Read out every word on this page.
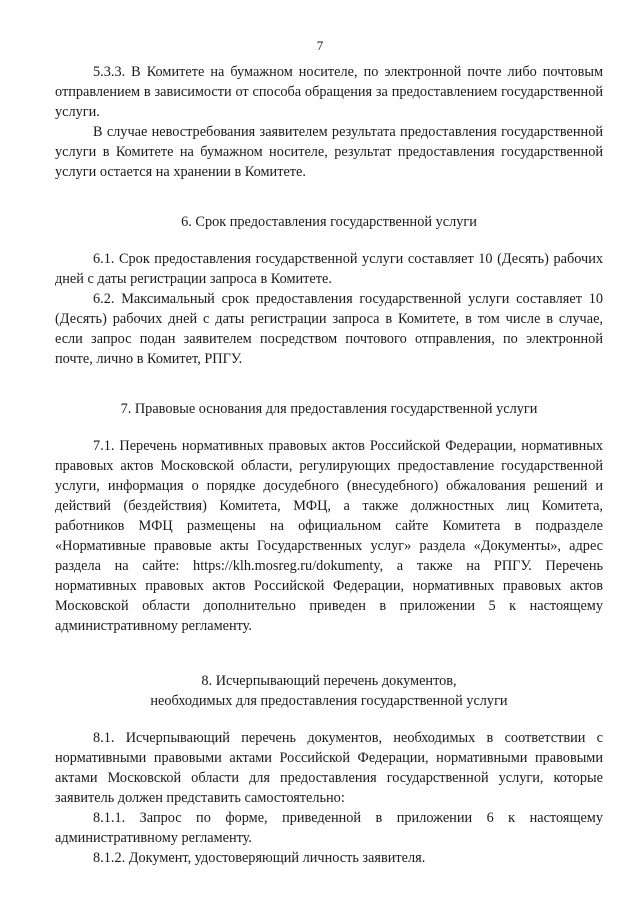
7

5.3.3. В Комитете на бумажном носителе, по электронной почте либо почтовым отправлением в зависимости от способа обращения за предоставлением государственной услуги.

В случае невостребования заявителем результата предоставления государственной услуги в Комитете на бумажном носителе, результат предоставления государственной услуги остается на хранении в Комитете.

6. Срок предоставления государственной услуги

6.1. Срок предоставления государственной услуги составляет 10 (Десять) рабочих дней с даты регистрации запроса в Комитете.

6.2. Максимальный срок предоставления государственной услуги составляет 10 (Десять) рабочих дней с даты регистрации запроса в Комитете, в том числе в случае, если запрос подан заявителем посредством почтового отправления, по электронной почте, лично в Комитет, РПГУ.

7. Правовые основания для предоставления государственной услуги

7.1. Перечень нормативных правовых актов Российской Федерации, нормативных правовых актов Московской области, регулирующих предоставление государственной услуги, информация о порядке досудебного (внесудебного) обжалования решений и действий (бездействия) Комитета, МФЦ, а также должностных лиц Комитета, работников МФЦ размещены на официальном сайте Комитета в подразделе «Нормативные правовые акты Государственных услуг» раздела «Документы», адрес раздела на сайте: https://klh.mosreg.ru/dokumenty, а также на РПГУ. Перечень нормативных правовых актов Российской Федерации, нормативных правовых актов Московской области дополнительно приведен в приложении 5 к настоящему административному регламенту.

8. Исчерпывающий перечень документов,

необходимых для предоставления государственной услуги

8.1. Исчерпывающий перечень документов, необходимых в соответствии с нормативными правовыми актами Российской Федерации, нормативными правовыми актами Московской области для предоставления государственной услуги, которые заявитель должен представить самостоятельно:

8.1.1. Запрос по форме, приведенной в приложении 6 к настоящему административному регламенту.

8.1.2. Документ, удостоверяющий личность заявителя.
